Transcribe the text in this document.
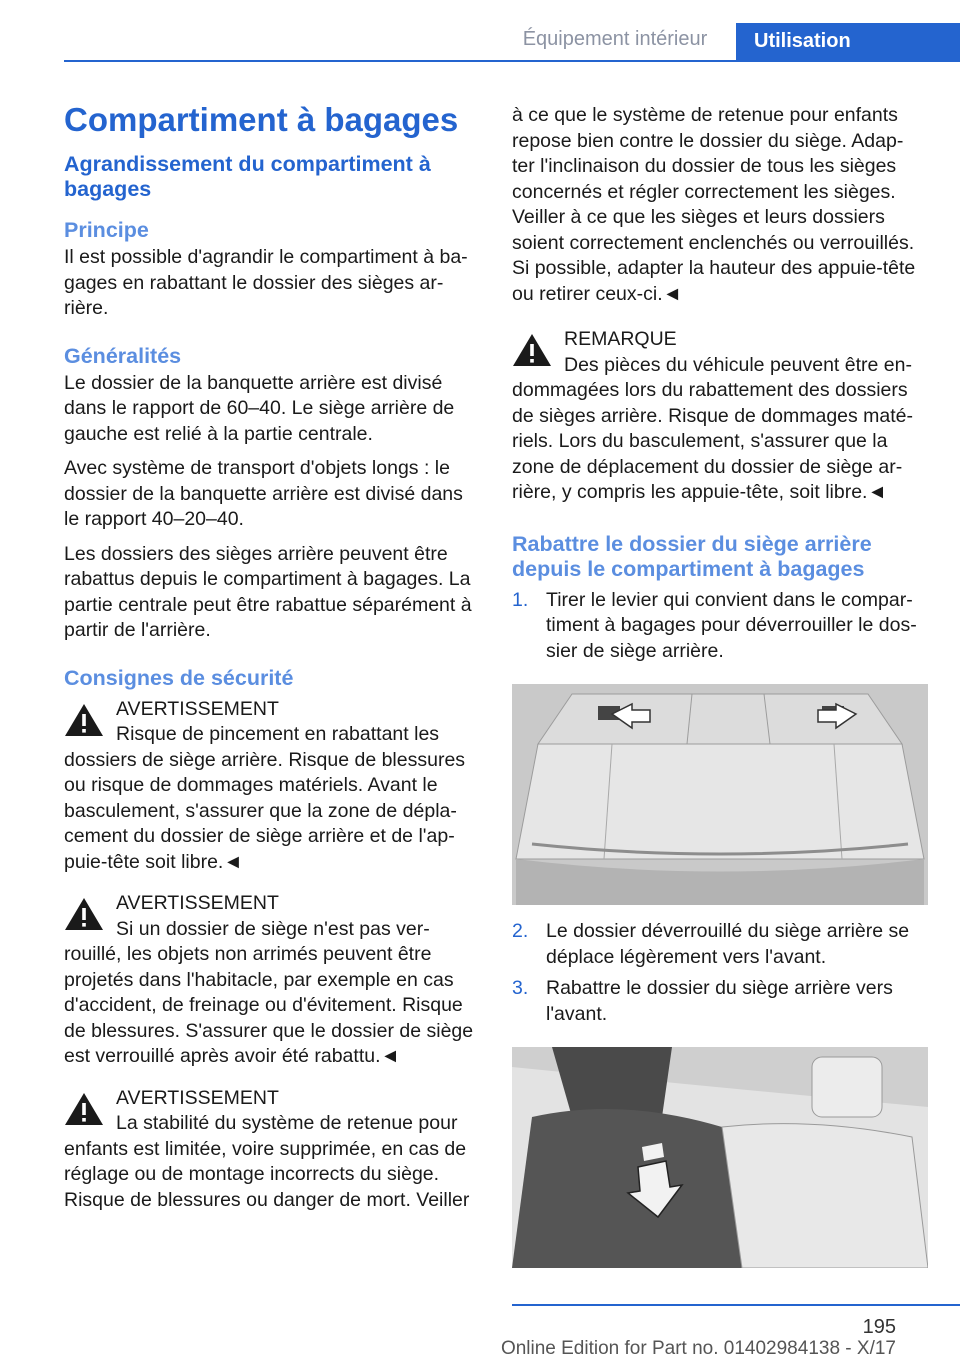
Équipement intérieur	Utilisation
Compartiment à bagages
Agrandissement du compartiment à bagages
Principe

Il est possible d'agrandir le compartiment à ba‐ gages en rabattant le dossier des sièges ar‐ rière.

Généralités

Le dossier de la banquette arrière est divisé dans le rapport de 60–40. Le siège arrière de gauche est relié à la partie centrale.

Avec système de transport d'objets longs : le dossier de la banquette arrière est divisé dans le rapport 40–20–40.

Les dossiers des sièges arrière peuvent être rabattus depuis le compartiment à bagages. La partie centrale peut être rabattue séparément à partir de l'arrière.

Consignes de sécurité

AVERTISSEMENT

Risque de pincement en rabattant les

dossiers de siège arrière. Risque de blessures ou risque de dommages matériels. Avant le basculement, s'assurer que la zone de dépla‐ cement du dossier de siège arrière et de l'ap‐ puie-tête soit libre.◄

AVERTISSEMENT

Si un dossier de siège n'est pas ver‐

rouillé, les objets non arrimés peuvent être projetés dans l'habitacle, par exemple en cas d'accident, de freinage ou d'évitement. Risque de blessures. S'assurer que le dossier de siège est verrouillé après avoir été rabattu.◄

AVERTISSEMENT

La stabilité du système de retenue pour

enfants est limitée, voire supprimée, en cas de réglage ou de montage incorrects du siège. Risque de blessures ou danger de mort. Veiller

à ce que le système de retenue pour enfants repose bien contre le dossier du siège. Adap‐ ter l'inclinaison du dossier de tous les sièges concernés et régler correctement les sièges. Veiller à ce que les sièges et leurs dossiers soient correctement enclenchés ou verrouillés. Si possible, adapter la hauteur des appuie-tête ou retirer ceux-ci.◄

REMARQUE

Des pièces du véhicule peuvent être en‐

dommagées lors du rabattement des dossiers de sièges arrière. Risque de dommages maté‐ riels. Lors du basculement, s'assurer que la zone de déplacement du dossier de siège ar‐ rière, y compris les appuie-tête, soit libre.◄

Rabattre le dossier du siège arrière depuis le compartiment à bagages
1. Tirer le levier qui convient dans le compar‐ timent à bagages pour déverrouiller le dos‐ sier de siège arrière.
2. Le dossier déverrouillé du siège arrière se déplace légèrement vers l'avant.
3. Rabattre le dossier du siège arrière vers l'avant.
195
Online Edition for Part no. 01402984138 - X/17
